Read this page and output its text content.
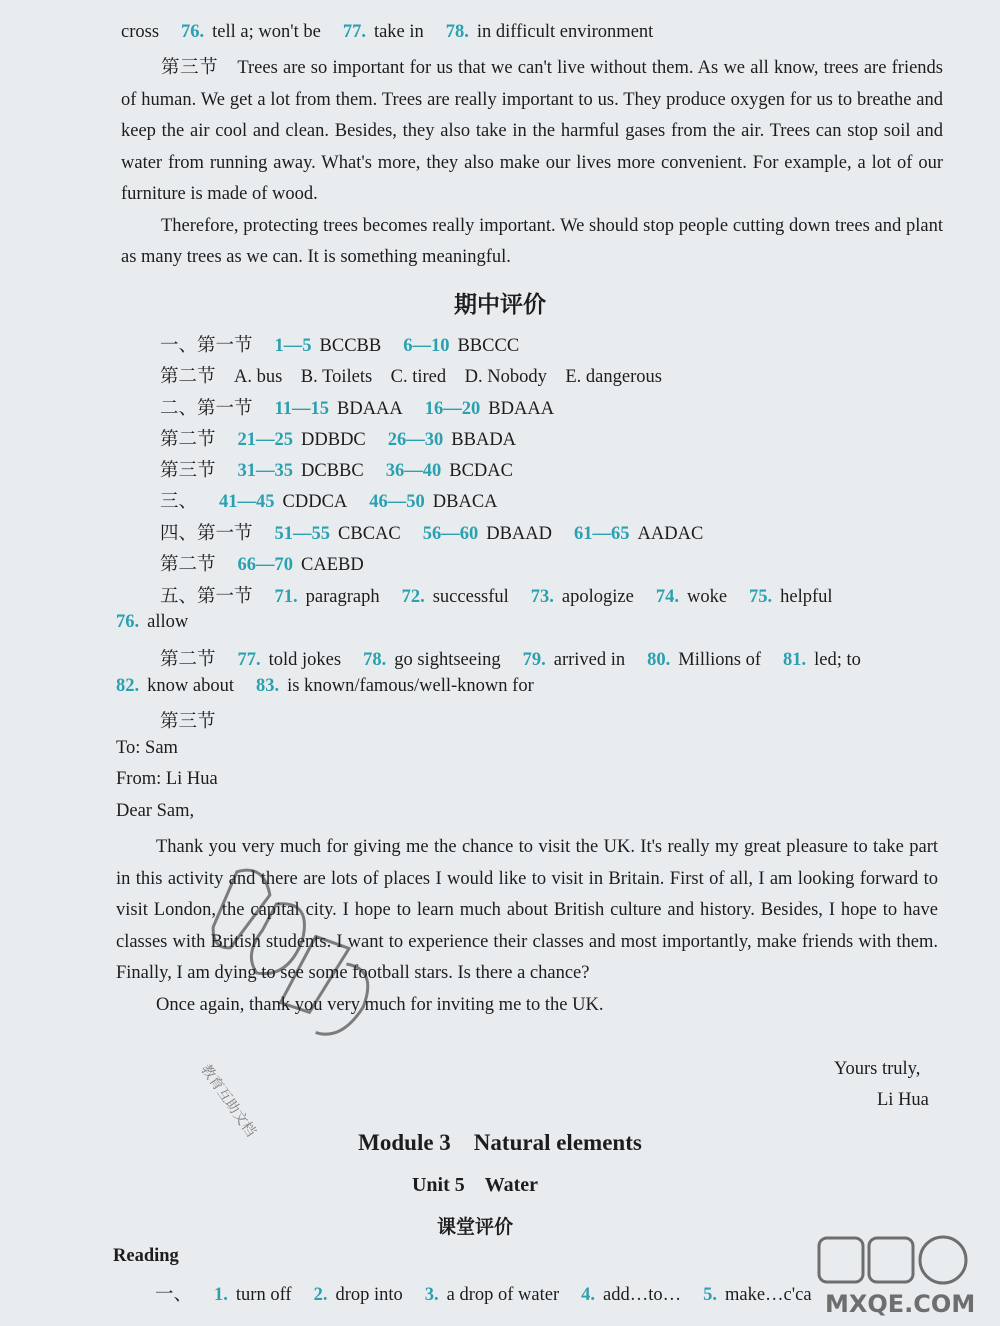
cross 76. tell a; won't be 77. take in 78. in difficult environment

第三节　Trees are so important for us that we can't live without them. As we all know, trees are friends of human. We get a lot from them. Trees are really important to us. They produce oxygen for us to breathe and keep the air cool and clean. Besides, they also take in the harmful gases from the air. Trees can stop soil and water from running away. What's more, they also make our lives more convenient. For example, a lot of our furniture is made of wood.

Therefore, protecting trees becomes really important. We should stop people cutting down trees and plant as many trees as we can. It is something meaningful.

期中评价
一、第一节 1—5 BCCBB 6—10 BBCCC
第二节　A. bus　B. Toilets　C. tired　D. Nobody　E. dangerous
二、第一节 11—15 BDAAA 16—20 BDAAA
第二节 21—25 DDBDC 26—30 BBADA
第三节 31—35 DCBBC 36—40 BCDAC
三、 41—45 CDDCA 46—50 DBACA
四、第一节 51—55 CBCAC 56—60 DBAAD 61—65 AADAC
第二节 66—70 CAEBD
五、第一节 71. paragraph 72. successful 73. apologize 74. woke 75. helpful
76. allow
第二节 77. told jokes 78. go sightseeing 79. arrived in 80. Millions of 81. led; to
82. know about 83. is known/famous/well-known for
第三节
To: Sam
From: Li Hua
Dear Sam,

Thank you very much for giving me the chance to visit the UK. It's really my great pleasure to take part in this activity and there are lots of places I would like to visit in Britain. First of all, I am looking forward to visit London, the capital city. I hope to learn much about British culture and history. Besides, I hope to have classes with British students. I want to experience their classes and most importantly, make friends with them. Finally, I am dying to see some football stars. Is there a chance?

Once again, thank you very much for inviting me to the UK.

Yours truly,
Li Hua
Module 3　Natural elements
Unit 5　Water
课堂评价
Reading
一、 1. turn off 2. drop into 3. a drop of water 4. add…to… 5. make…c'ca
教育互助文档
MXQE.COM
